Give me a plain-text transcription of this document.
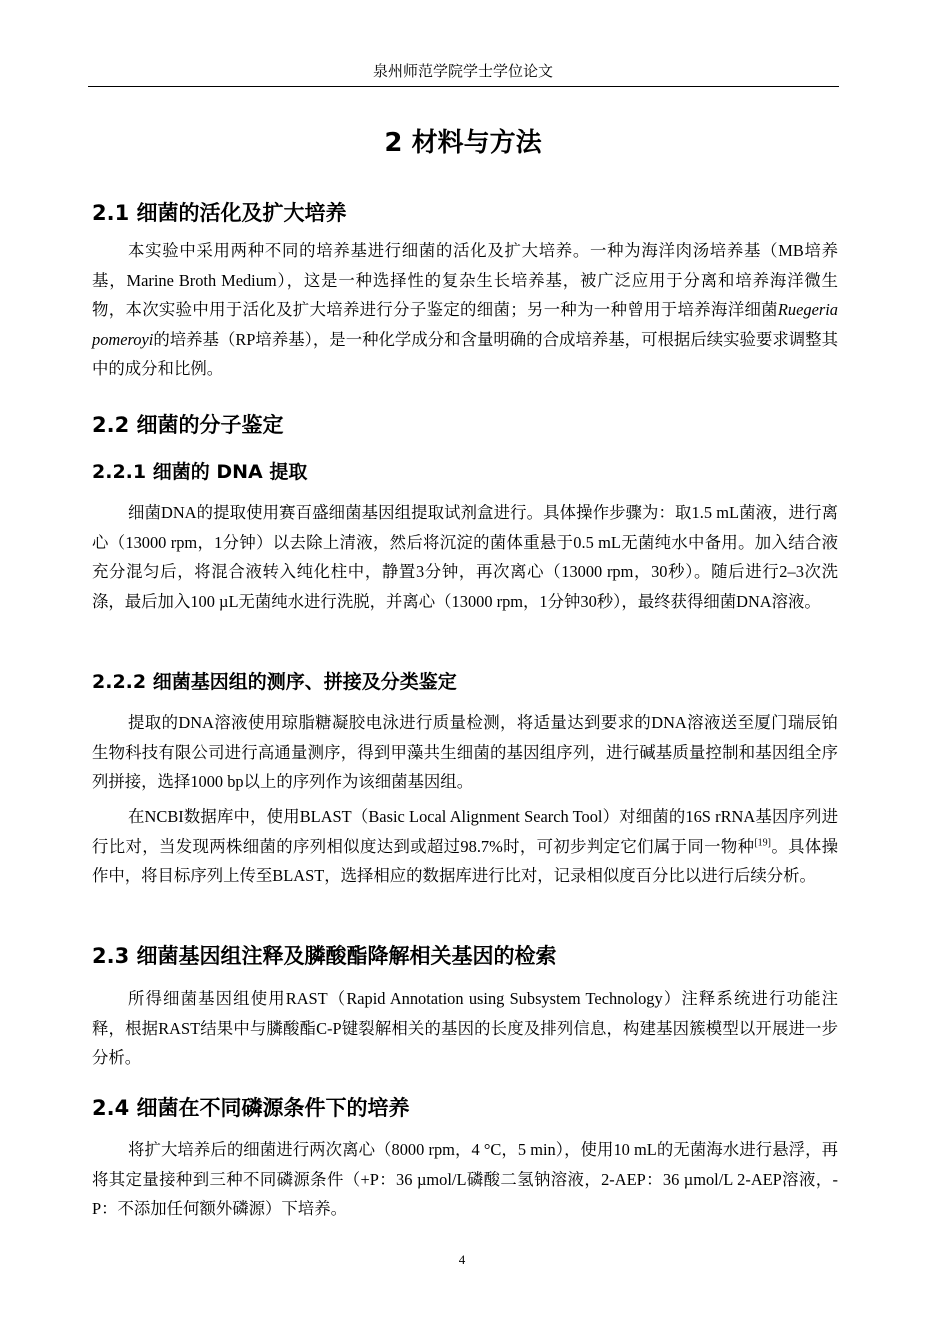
泉州师范学院学士学位论文
2 材料与方法
2.1 细菌的活化及扩大培养

本实验中采用两种不同的培养基进行细菌的活化及扩大培养。一种为海洋肉汤培养基（MB培养基，Marine Broth Medium），这是一种选择性的复杂生长培养基，被广泛应用于分离和培养海洋微生物，本次实验中用于活化及扩大培养进行分子鉴定的细菌；另一种为一种曾用于培养海洋细菌Ruegeria pomeroyi的培养基（RP培养基），是一种化学成分和含量明确的合成培养基，可根据后续实验要求调整其中的成分和比例。

2.2 细菌的分子鉴定
2.2.1 细菌的 DNA 提取

细菌DNA的提取使用赛百盛细菌基因组提取试剂盒进行。具体操作步骤为：取1.5 mL菌液，进行离心（13000 rpm，1分钟）以去除上清液，然后将沉淀的菌体重悬于0.5 mL无菌纯水中备用。加入结合液充分混匀后，将混合液转入纯化柱中，静置3分钟，再次离心（13000 rpm，30秒）。随后进行2–3次洗涤，最后加入100 µL无菌纯水进行洗脱，并离心（13000 rpm，1分钟30秒），最终获得细菌DNA溶液。

2.2.2 细菌基因组的测序、拼接及分类鉴定

提取的DNA溶液使用琼脂糖凝胶电泳进行质量检测，将适量达到要求的DNA溶液送至厦门瑞辰铂生物科技有限公司进行高通量测序，得到甲藻共生细菌的基因组序列，进行碱基质量控制和基因组全序列拼接，选择1000 bp以上的序列作为该细菌基因组。

在NCBI数据库中，使用BLAST（Basic Local Alignment Search Tool）对细菌的16S rRNA基因序列进行比对，当发现两株细菌的序列相似度达到或超过98.7%时，可初步判定它们属于同一物种[19]。具体操作中，将目标序列上传至BLAST，选择相应的数据库进行比对，记录相似度百分比以进行后续分析。

2.3 细菌基因组注释及膦酸酯降解相关基因的检索

所得细菌基因组使用RAST（Rapid Annotation using Subsystem Technology）注释系统进行功能注释，根据RAST结果中与膦酸酯C-P键裂解相关的基因的长度及排列信息，构建基因簇模型以开展进一步分析。

2.4 细菌在不同磷源条件下的培养

将扩大培养后的细菌进行两次离心（8000 rpm，4 °C，5 min），使用10 mL的无菌海水进行悬浮，再将其定量接种到三种不同磷源条件（+P：36 µmol/L磷酸二氢钠溶液，2-AEP：36 µmol/L 2-AEP溶液，-P：不添加任何额外磷源）下培养。

4
